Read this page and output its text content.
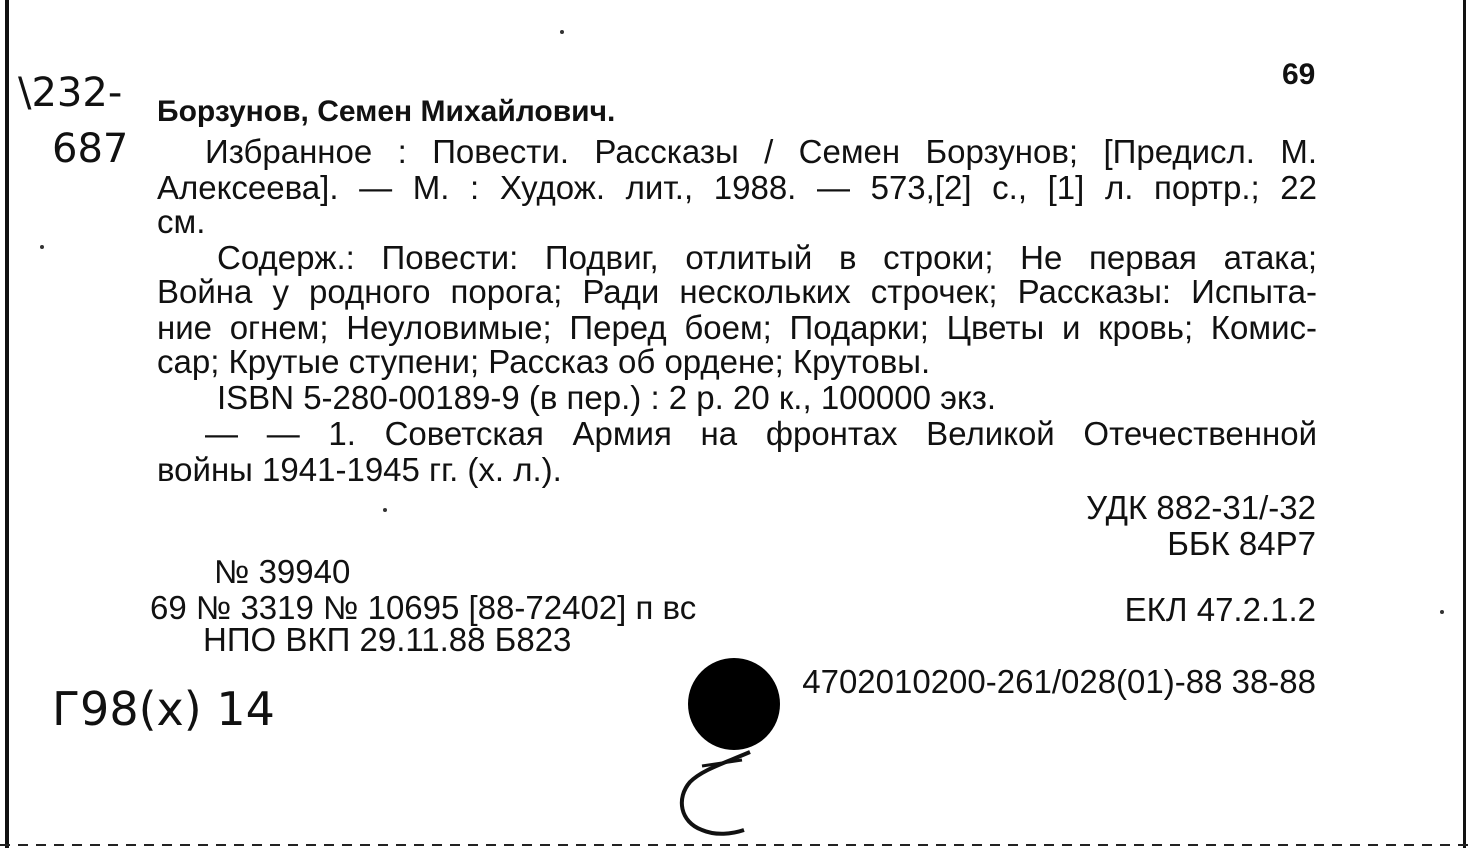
69
\232-
687
Борзунов, Семен Михайлович.
Избранное : Повести. Рассказы / Семен Борзунов; [Предисл. М.
Алексеева]. — М. : Худож. лит., 1988. — 573,[2] с., [1] л. портр.; 22
см.
Содерж.: Повести: Подвиг, отлитый в строки; Не первая атака;
Война у родного порога; Ради нескольких строчек; Рассказы: Испыта-
ние огнем; Неуловимые; Перед боем; Подарки; Цветы и кровь; Комис-
сар; Крутые ступени; Рассказ об ордене; Крутовы.
ISBN 5-280-00189-9 (в пер.) : 2 р. 20 к., 100000 экз.
— — 1. Советская Армия на фронтах Великой Отечественной
войны 1941-1945 гг. (х. л.).
УДК 882-31/-32
ББК 84Р7
№ 39940
69 № 3319 № 10695 [88-72402] п вс	ЕКЛ 47.2.1.2
НПО ВКП 29.11.88 Б823
4702010200-261/028(01)-88 38-88
Г98(х) 14
